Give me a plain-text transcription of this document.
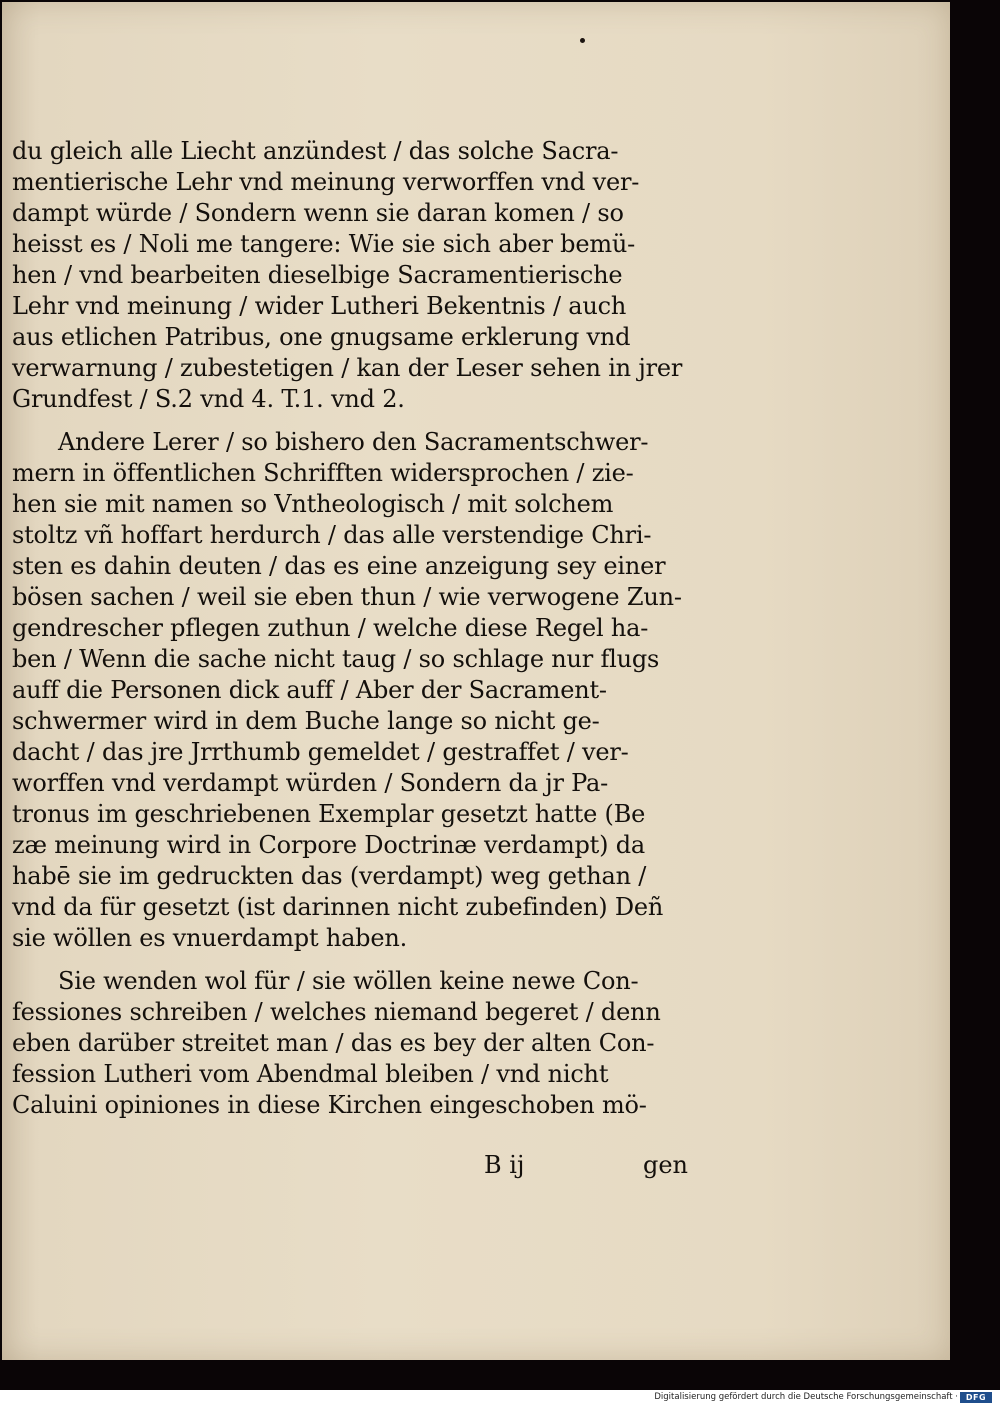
du gleich alle Liecht anzündest / das solche Sacra-
mentierische Lehr vnd meinung verworffen vnd ver-
dampt würde / Sondern wenn sie daran komen / so
heisst es / Noli me tangere: Wie sie sich aber bemü-
hen / vnd bearbeiten dieselbige Sacramentierische
Lehr vnd meinung / wider Lutheri Bekentnis / auch
aus etlichen Patribus, one gnugsame erklerung vnd
verwarnung / zubestetigen / kan der Leser sehen in jrer
Grundfest / S.2 vnd 4. T.1. vnd 2.
Andere Lerer / so bishero den Sacramentschwer-
mern in öffentlichen Schrifften widersprochen / zie-
hen sie mit namen so Vntheologisch / mit solchem
stoltz vñ hoffart herdurch / das alle verstendige Chri-
sten es dahin deuten / das es eine anzeigung sey einer
bösen sachen / weil sie eben thun / wie verwogene Zun-
gendrescher pflegen zuthun / welche diese Regel ha-
ben / Wenn die sache nicht taug / so schlage nur flugs
auff die Personen dick auff / Aber der Sacrament-
schwermer wird in dem Buche lange so nicht ge-
dacht / das jre Jrrthumb gemeldet / gestraffet / ver-
worffen vnd verdampt würden / Sondern da jr Pa-
tronus im geschriebenen Exemplar gesetzt hatte (Be
zæ meinung wird in Corpore Doctrinæ verdampt) da
habē sie im gedruckten das (verdampt) weg gethan /
vnd da für gesetzt (ist darinnen nicht zubefinden) Deñ
sie wöllen es vnuerdampt haben.
Sie wenden wol für / sie wöllen keine newe Con-
fessiones schreiben / welches niemand begeret / denn
eben darüber streitet man / das es bey der alten Con-
fession Lutheri vom Abendmal bleiben / vnd nicht
Caluini opiniones in diese Kirchen eingeschoben mö-
B ij	gen
Digitalisierung gefördert durch die Deutsche Forschungsgemeinschaft · DFG
